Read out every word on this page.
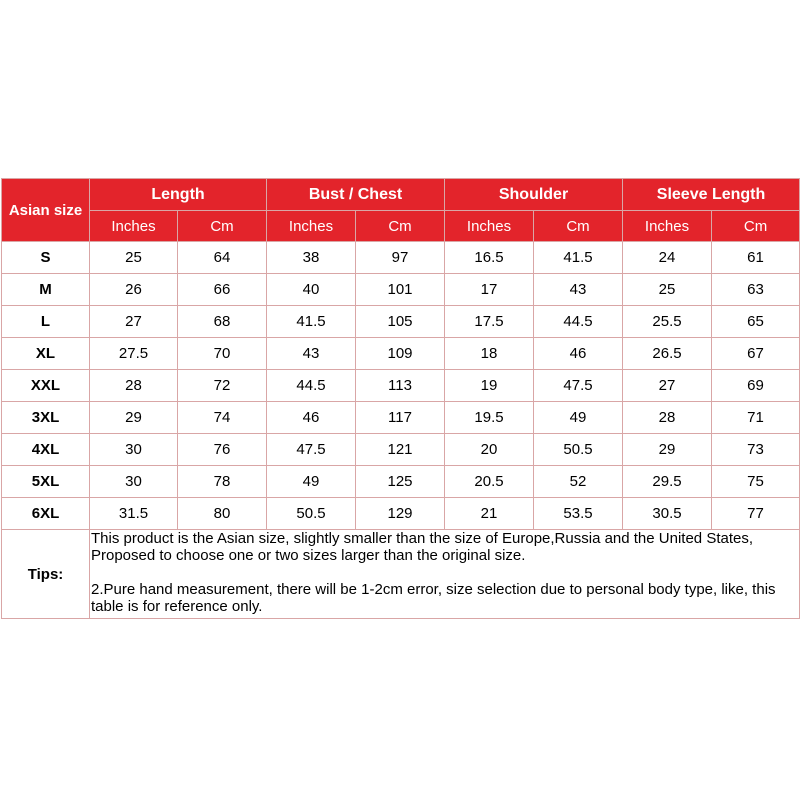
Asian size	Length		Bust / Chest		Shoulder		Sleeve Length	
	Inches	Cm	Inches	Cm	Inches	Cm	Inches	Cm
S	25	64	38	97	16.5	41.5	24	61
M	26	66	40	101	17	43	25	63
L	27	68	41.5	105	17.5	44.5	25.5	65
XL	27.5	70	43	109	18	46	26.5	67
XXL	28	72	44.5	113	19	47.5	27	69
3XL	29	74	46	117	19.5	49	28	71
4XL	30	76	47.5	121	20	50.5	29	73
5XL	30	78	49	125	20.5	52	29.5	75
6XL	31.5	80	50.5	129	21	53.5	30.5	77
Tips:	This product is the Asian size, slightly smaller than the size of Europe,Russia and the United States, Proposed to choose one or two sizes larger than the original size.

2.Pure hand measurement, there will be 1-2cm error, size selection due to personal body type, like, this table is for reference only.							
